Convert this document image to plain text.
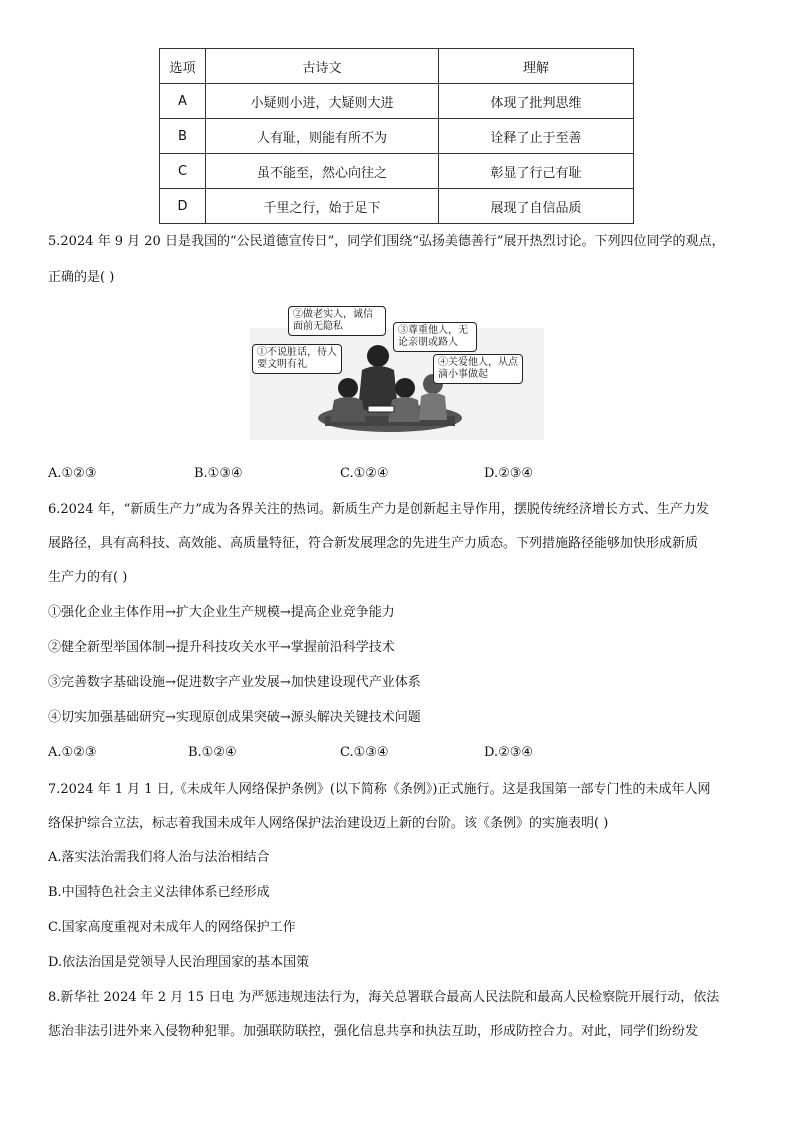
选项	古诗文	理解
A	小疑则小进，大疑则大进	体现了批判思维
B	人有耻，则能有所不为	诠释了止于至善
C	虽不能至，然心向往之	彰显了行己有耻
D	千里之行，始于足下	展现了自信品质
5.2024 年 9 月 20 日是我国的“公民道德宣传日”，同学们围绕“弘扬美德善行”展开热烈讨论。下列四位同学的观点，
正确的是( )
②做老实人，诚信面前无隐私	③尊重他人，无论亲朋或路人
①不说脏话，待人要文明有礼	④关爱他人，从点滴小事做起
A.①②③	B.①③④	C.①②④	D.②③④
6.2024 年，“新质生产力”成为各界关注的热词。新质生产力是创新起主导作用，摆脱传统经济增长方式、生产力发
展路径，具有高科技、高效能、高质量特征，符合新发展理念的先进生产力质态。下列措施路径能够加快形成新质
生产力的有( )
①强化企业主体作用→扩大企业生产规模→提高企业竞争能力
②健全新型举国体制→提升科技攻关水平→掌握前沿科学技术
③完善数字基础设施→促进数字产业发展→加快建设现代产业体系
④切实加强基础研究→实现原创成果突破→源头解决关键技术问题
A.①②③	B.①②④	C.①③④	D.②③④
7.2024 年 1 月 1 日,《未成年人网络保护条例》(以下简称《条例》)正式施行。这是我国第一部专门性的未成年人网
络保护综合立法，标志着我国未成年人网络保护法治建设迈上新的台阶。该《条例》的实施表明( )
A.落实法治需我们将人治与法治相结合
B.中国特色社会主义法律体系已经形成
C.国家高度重视对未成年人的网络保护工作
D.依法治国是党领导人民治理国家的基本国策
8.新华社 2024 年 2 月 15 日电 为严惩违规违法行为，海关总署联合最高人民法院和最高人民检察院开展行动，依法
惩治非法引进外来入侵物种犯罪。加强联防联控，强化信息共享和执法互助，形成防控合力。对此，同学们纷纷发
